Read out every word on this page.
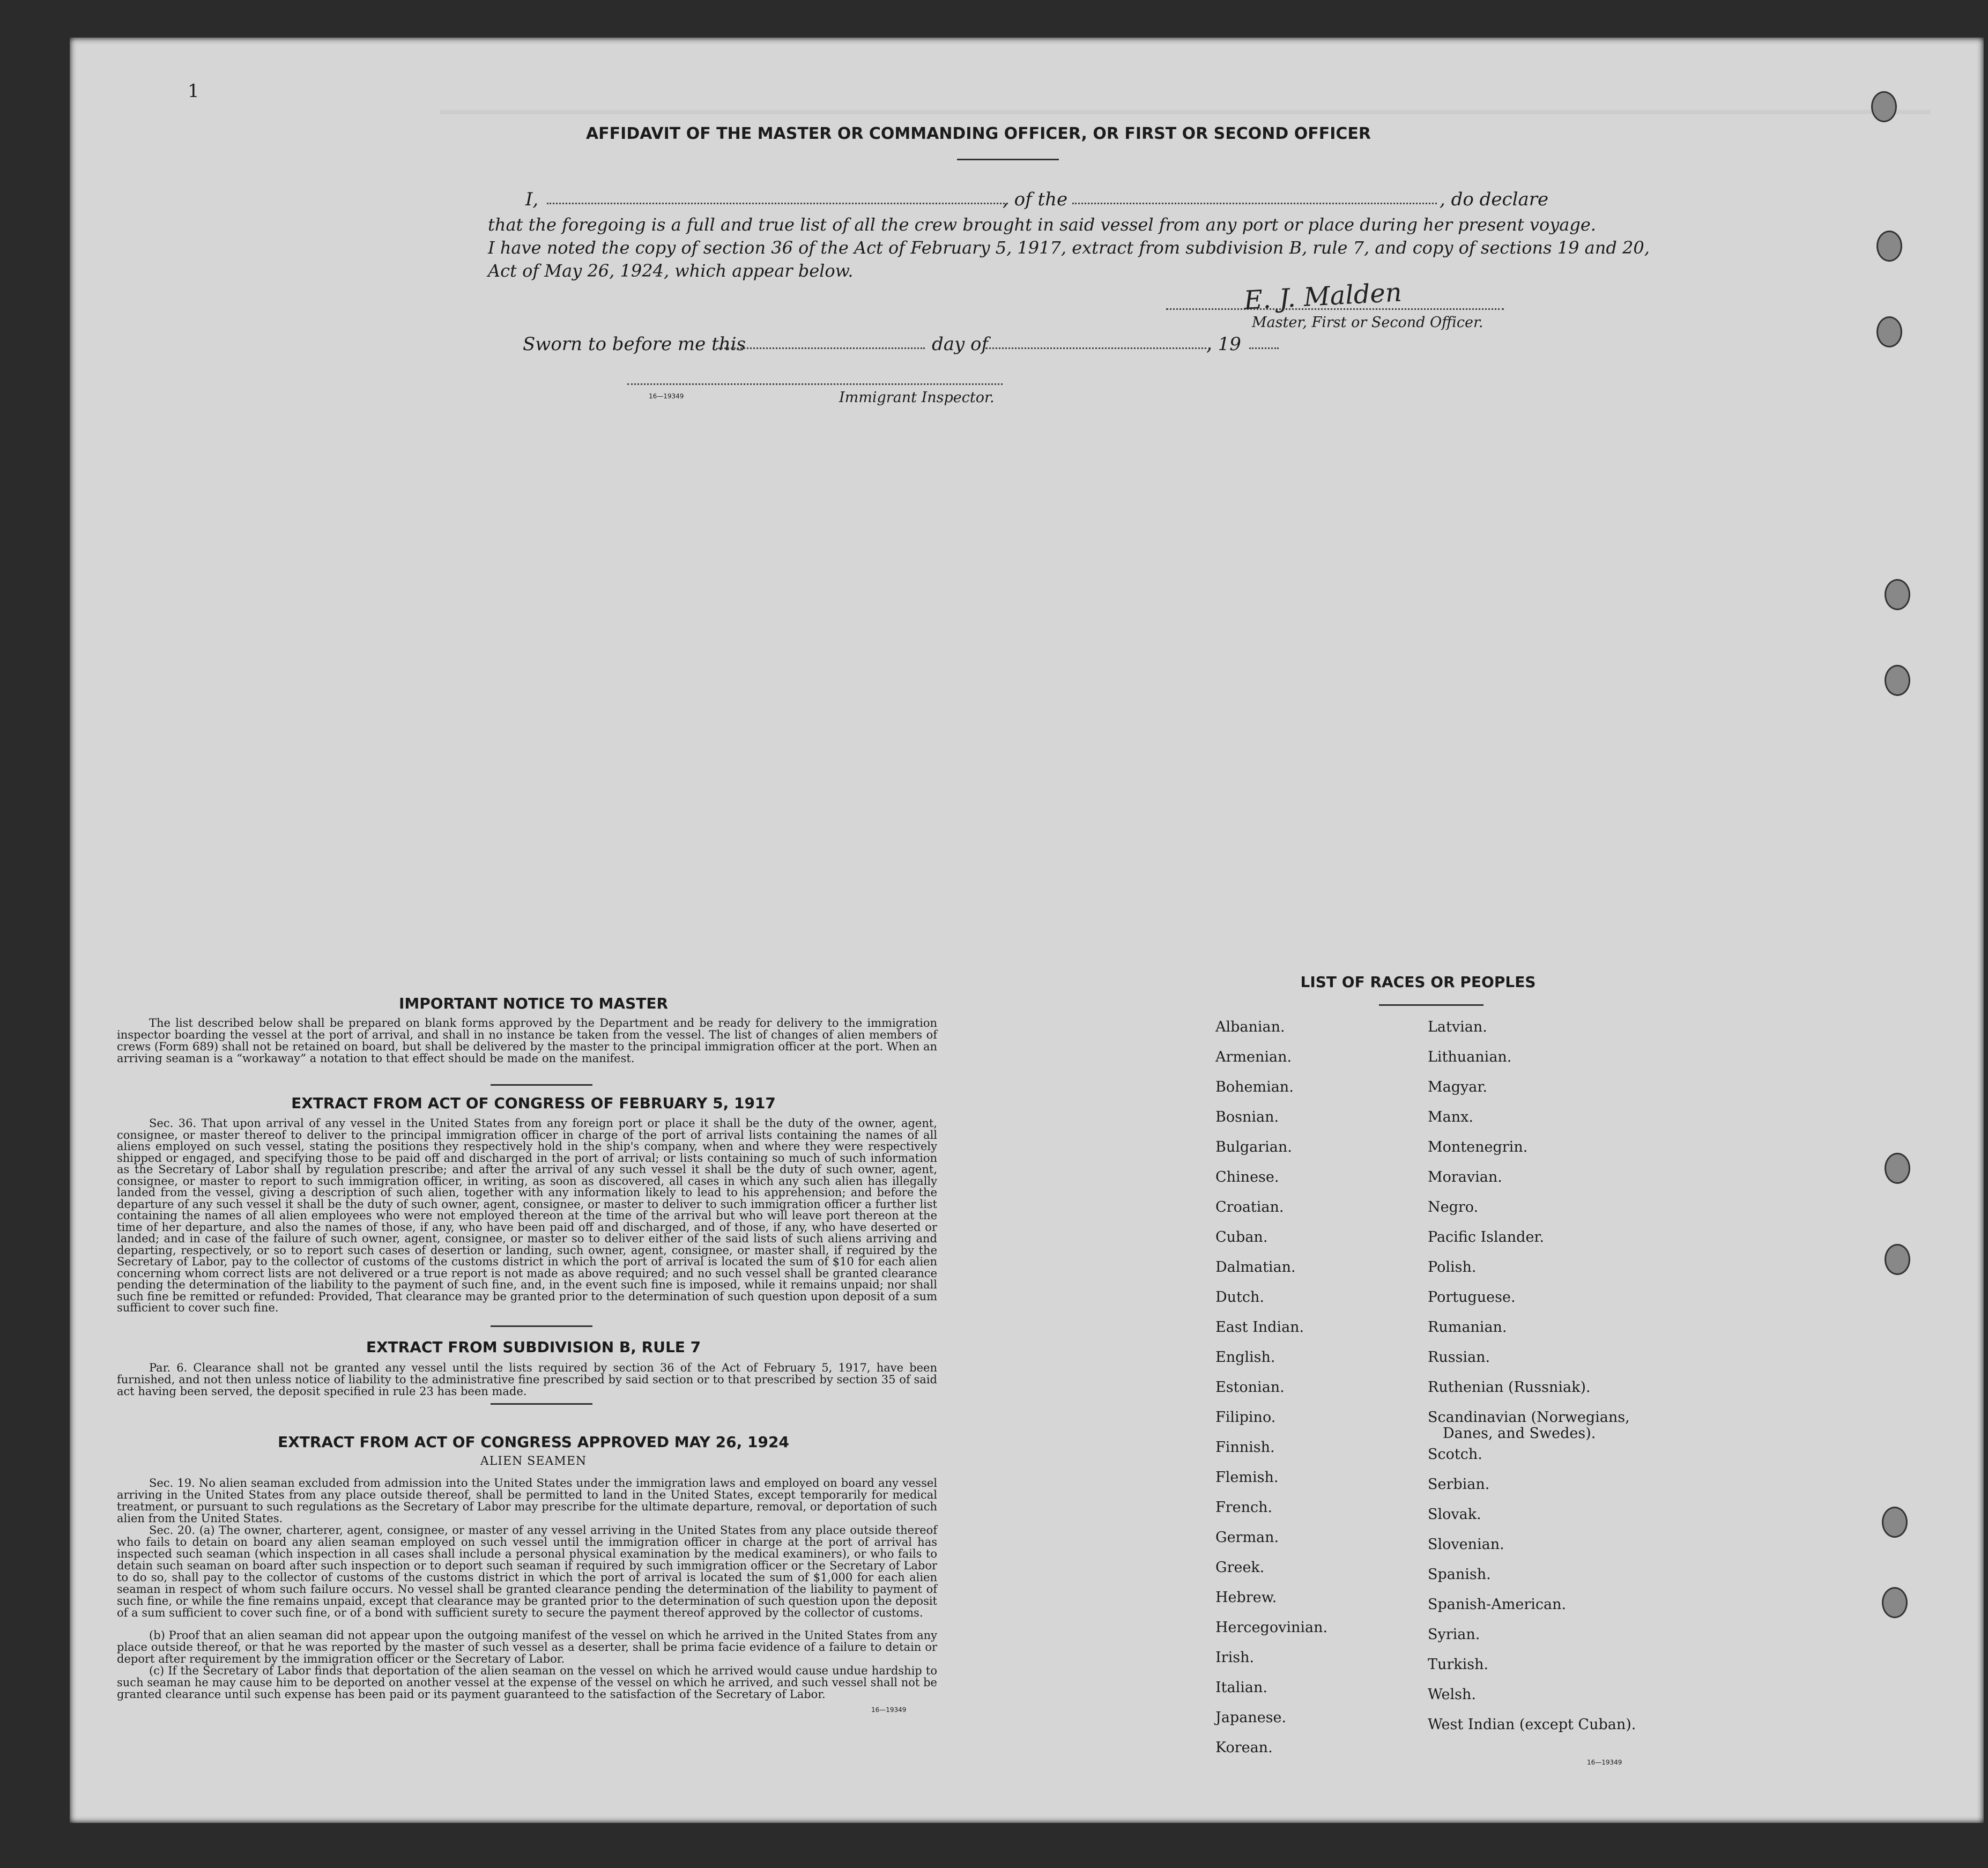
1
AFFIDAVIT OF THE MASTER OR COMMANDING OFFICER, OR FIRST OR SECOND OFFICER
I,	, of the	, do declare
that the foregoing is a full and true list of all the crew brought in said vessel from any port or place during her present voyage.
I have noted the copy of section 36 of the Act of February 5, 1917, extract from subdivision B, rule 7, and copy of sections 19 and 20,
Act of May 26, 1924, which appear below.
E. J. Malden
Master, First or Second Officer.
Sworn to before me this	day of	, 19
16—19349	Immigrant Inspector.
IMPORTANT NOTICE TO MASTER
The list described below shall be prepared on blank forms approved by the Department and be ready for delivery to the immigration inspector boarding the vessel at the port of arrival, and shall in no instance be taken from the vessel. The list of changes of alien members of crews (Form 689) shall not be retained on board, but shall be delivered by the master to the principal immigration officer at the port. When an arriving seaman is a “workaway” a notation to that effect should be made on the manifest.
EXTRACT FROM ACT OF CONGRESS OF FEBRUARY 5, 1917
Sec. 36. That upon arrival of any vessel in the United States from any foreign port or place it shall be the duty of the owner, agent, consignee, or master thereof to deliver to the principal immigration officer in charge of the port of arrival lists containing the names of all aliens employed on such vessel, stating the positions they respectively hold in the ship's company, when and where they were respectively shipped or engaged, and specifying those to be paid off and discharged in the port of arrival; or lists containing so much of such information as the Secretary of Labor shall by regulation prescribe; and after the arrival of any such vessel it shall be the duty of such owner, agent, consignee, or master to report to such immigration officer, in writing, as soon as discovered, all cases in which any such alien has illegally landed from the vessel, giving a description of such alien, together with any information likely to lead to his apprehension; and before the departure of any such vessel it shall be the duty of such owner, agent, consignee, or master to deliver to such immigration officer a further list containing the names of all alien employees who were not employed thereon at the time of the arrival but who will leave port thereon at the time of her departure, and also the names of those, if any, who have been paid off and discharged, and of those, if any, who have deserted or landed; and in case of the failure of such owner, agent, consignee, or master so to deliver either of the said lists of such aliens arriving and departing, respectively, or so to report such cases of desertion or landing, such owner, agent, consignee, or master shall, if required by the Secretary of Labor, pay to the collector of customs of the customs district in which the port of arrival is located the sum of $10 for each alien concerning whom correct lists are not delivered or a true report is not made as above required; and no such vessel shall be granted clearance pending the determination of the liability to the payment of such fine, and, in the event such fine is imposed, while it remains unpaid; nor shall such fine be remitted or refunded: Provided, That clearance may be granted prior to the determination of such question upon deposit of a sum sufficient to cover such fine.
EXTRACT FROM SUBDIVISION B, RULE 7
Par. 6. Clearance shall not be granted any vessel until the lists required by section 36 of the Act of February 5, 1917, have been furnished, and not then unless notice of liability to the administrative fine prescribed by said section or to that prescribed by section 35 of said act having been served, the deposit specified in rule 23 has been made.
EXTRACT FROM ACT OF CONGRESS APPROVED MAY 26, 1924
ALIEN SEAMEN
Sec. 19. No alien seaman excluded from admission into the United States under the immigration laws and employed on board any vessel arriving in the United States from any place outside thereof, shall be permitted to land in the United States, except temporarily for medical treatment, or pursuant to such regulations as the Secretary of Labor may prescribe for the ultimate departure, removal, or deportation of such alien from the United States.
Sec. 20. (a) The owner, charterer, agent, consignee, or master of any vessel arriving in the United States from any place outside thereof who fails to detain on board any alien seaman employed on such vessel until the immigration officer in charge at the port of arrival has inspected such seaman (which inspection in all cases shall include a personal physical examination by the medical examiners), or who fails to detain such seaman on board after such inspection or to deport such seaman if required by such immigration officer or the Secretary of Labor to do so, shall pay to the collector of customs of the customs district in which the port of arrival is located the sum of $1,000 for each alien seaman in respect of whom such failure occurs. No vessel shall be granted clearance pending the determination of the liability to payment of such fine, or while the fine remains unpaid, except that clearance may be granted prior to the determination of such question upon the deposit of a sum sufficient to cover such fine, or of a bond with sufficient surety to secure the payment thereof approved by the collector of customs.
(b) Proof that an alien seaman did not appear upon the outgoing manifest of the vessel on which he arrived in the United States from any place outside thereof, or that he was reported by the master of such vessel as a deserter, shall be prima facie evidence of a failure to detain or deport after requirement by the immigration officer or the Secretary of Labor.
(c) If the Secretary of Labor finds that deportation of the alien seaman on the vessel on which he arrived would cause undue hardship to such seaman he may cause him to be deported on another vessel at the expense of the vessel on which he arrived, and such vessel shall not be granted clearance until such expense has been paid or its payment guaranteed to the satisfaction of the Secretary of Labor.
16—19349
LIST OF RACES OR PEOPLES
Albanian.
Armenian.
Bohemian.
Bosnian.
Bulgarian.
Chinese.
Croatian.
Cuban.
Dalmatian.
Dutch.
East Indian.
English.
Estonian.
Filipino.
Finnish.
Flemish.
French.
German.
Greek.
Hebrew.
Hercegovinian.
Irish.
Italian.
Japanese.
Korean.
Latvian.
Lithuanian.
Magyar.
Manx.
Montenegrin.
Moravian.
Negro.
Pacific Islander.
Polish.
Portuguese.
Rumanian.
Russian.
Ruthenian (Russniak).
Scandinavian (Norwegians,
Danes, and Swedes).
Scotch.
Serbian.
Slovak.
Slovenian.
Spanish.
Spanish-American.
Syrian.
Turkish.
Welsh.
West Indian (except Cuban).
16—19349
